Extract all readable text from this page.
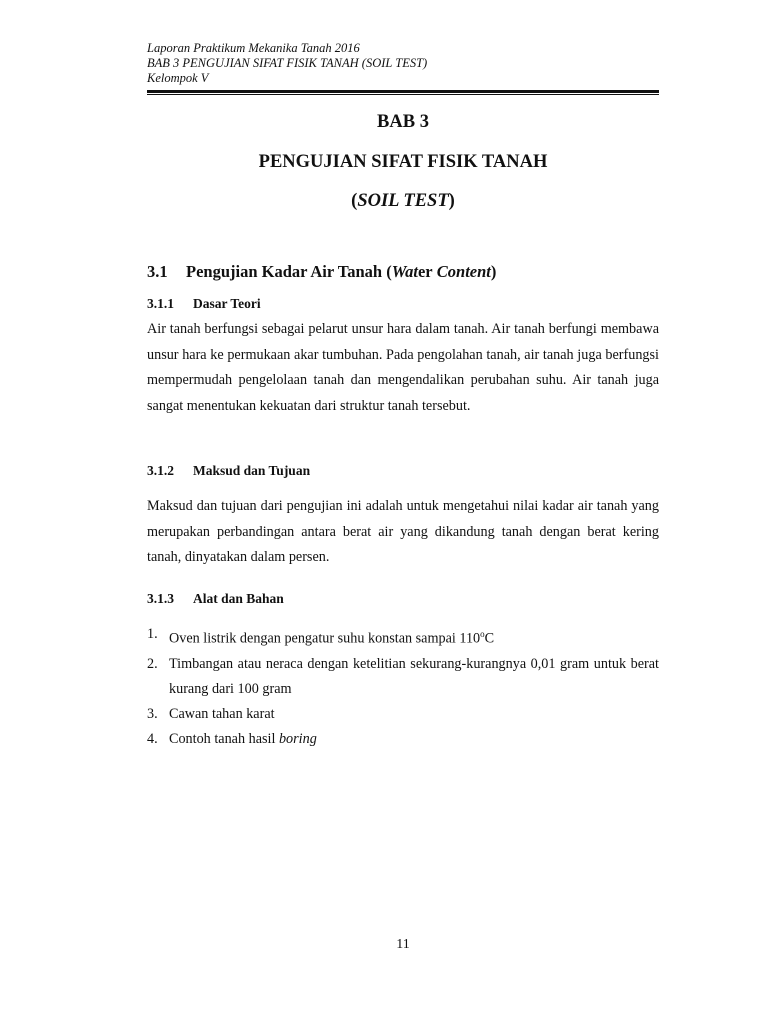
Laporan Praktikum Mekanika Tanah 2016
BAB 3 PENGUJIAN SIFAT FISIK TANAH (SOIL TEST)
Kelompok V
BAB 3
PENGUJIAN SIFAT FISIK TANAH
(SOIL TEST)
3.1 Pengujian Kadar Air Tanah (Water Content)
3.1.1 Dasar Teori
Air tanah berfungsi sebagai pelarut unsur hara dalam tanah. Air tanah berfungi membawa unsur hara ke permukaan akar tumbuhan. Pada pengolahan tanah, air tanah juga berfungsi mempermudah pengelolaan tanah dan mengendalikan perubahan suhu. Air tanah juga sangat menentukan kekuatan dari struktur tanah tersebut.
3.1.2 Maksud dan Tujuan
Maksud dan tujuan dari pengujian ini adalah untuk mengetahui nilai kadar air tanah yang merupakan perbandingan antara berat air yang dikandung tanah dengan berat kering tanah, dinyatakan dalam persen.
3.1.3 Alat dan Bahan
1. Oven listrik dengan pengatur suhu konstan sampai 110$^o$C
2. Timbangan atau neraca dengan ketelitian sekurang-kurangnya 0,01 gram untuk berat kurang dari 100 gram
3. Cawan tahan karat
4. Contoh tanah hasil boring
11
